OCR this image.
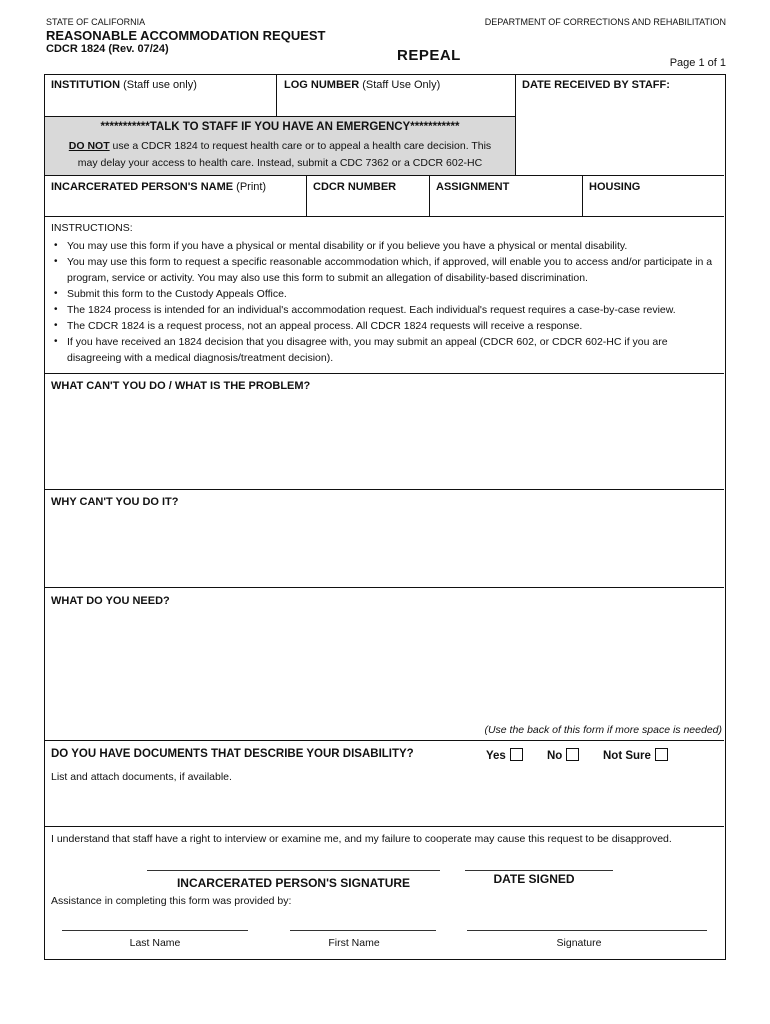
STATE OF CALIFORNIA	DEPARTMENT OF CORRECTIONS AND REHABILITATION
REASONABLE ACCOMMODATION REQUEST
CDCR 1824 (Rev. 07/24)	REPEAL	Page 1 of 1
INSTITUTION (Staff use only)	LOG NUMBER (Staff Use Only)	DATE RECEIVED BY STAFF:
***********TALK TO STAFF IF YOU HAVE AN EMERGENCY***********
DO NOT use a CDCR 1824 to request health care or to appeal a health care decision. This
may delay your access to health care. Instead, submit a CDC 7362 or a CDCR 602-HC
INCARCERATED PERSON'S NAME (Print)	CDCR NUMBER	ASSIGNMENT	HOUSING
INSTRUCTIONS:
• You may use this form if you have a physical or mental disability or if you believe you have a physical or mental disability.
• You may use this form to request a specific reasonable accommodation which, if approved, will enable you to access and/or participate in a program, service or activity. You may also use this form to submit an allegation of disability-based discrimination.
• Submit this form to the Custody Appeals Office.
• The 1824 process is intended for an individual's accommodation request. Each individual's request requires a case-by-case review.
• The CDCR 1824 is a request process, not an appeal process. All CDCR 1824 requests will receive a response.
• If you have received an 1824 decision that you disagree with, you may submit an appeal (CDCR 602, or CDCR 602-HC if you are disagreeing with a medical diagnosis/treatment decision).
WHAT CAN'T YOU DO / WHAT IS THE PROBLEM?
WHY CAN'T YOU DO IT?
WHAT DO YOU NEED?
(Use the back of this form if more space is needed)
DO YOU HAVE DOCUMENTS THAT DESCRIBE YOUR DISABILITY?	Yes	No	Not Sure
List and attach documents, if available.
I understand that staff have a right to interview or examine me, and my failure to cooperate may cause this request to be disapproved.
INCARCERATED PERSON'S SIGNATURE	DATE SIGNED
Assistance in completing this form was provided by:
Last Name	First Name	Signature
